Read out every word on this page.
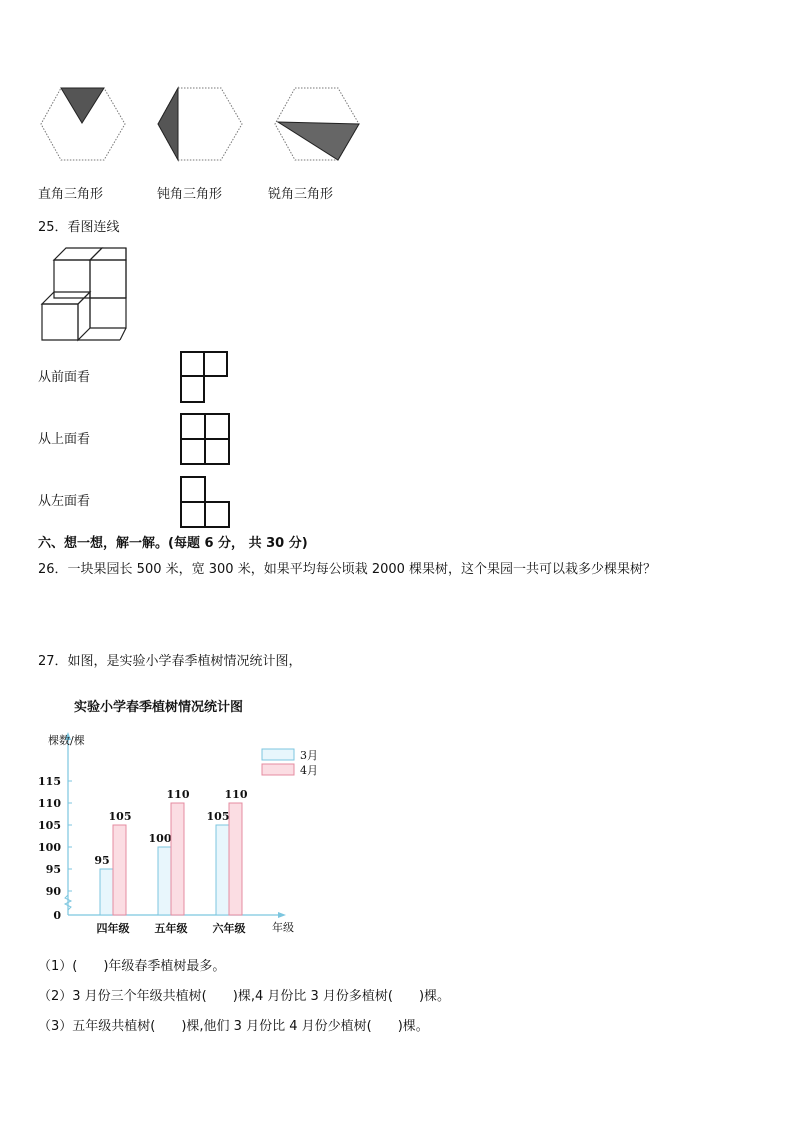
直角三角形	钝角三角形	锐角三角形
25．看图连线
从前面看
从上面看
从左面看
六、想一想，解一解。(每题 6 分， 共 30 分)
26．一块果园长 500 米，宽 300 米，如果平均每公顷栽 2000 棵果树，这个果园一共可以栽多少棵果树？
27．如图，是实验小学春季植树情况统计图，
实验小学春季植树情况统计图
棵数/棵
年级
0
90
95
100
105
110
115
95
105
四年级
100
110
五年级
105
110
六年级
3月
4月
（1）(　　)年级春季植树最多。
（2）3 月份三个年级共植树(　　)棵,4 月份比 3 月份多植树(　　)棵。
（3）五年级共植树(　　)棵,他们 3 月份比 4 月份少植树(　　)棵。
